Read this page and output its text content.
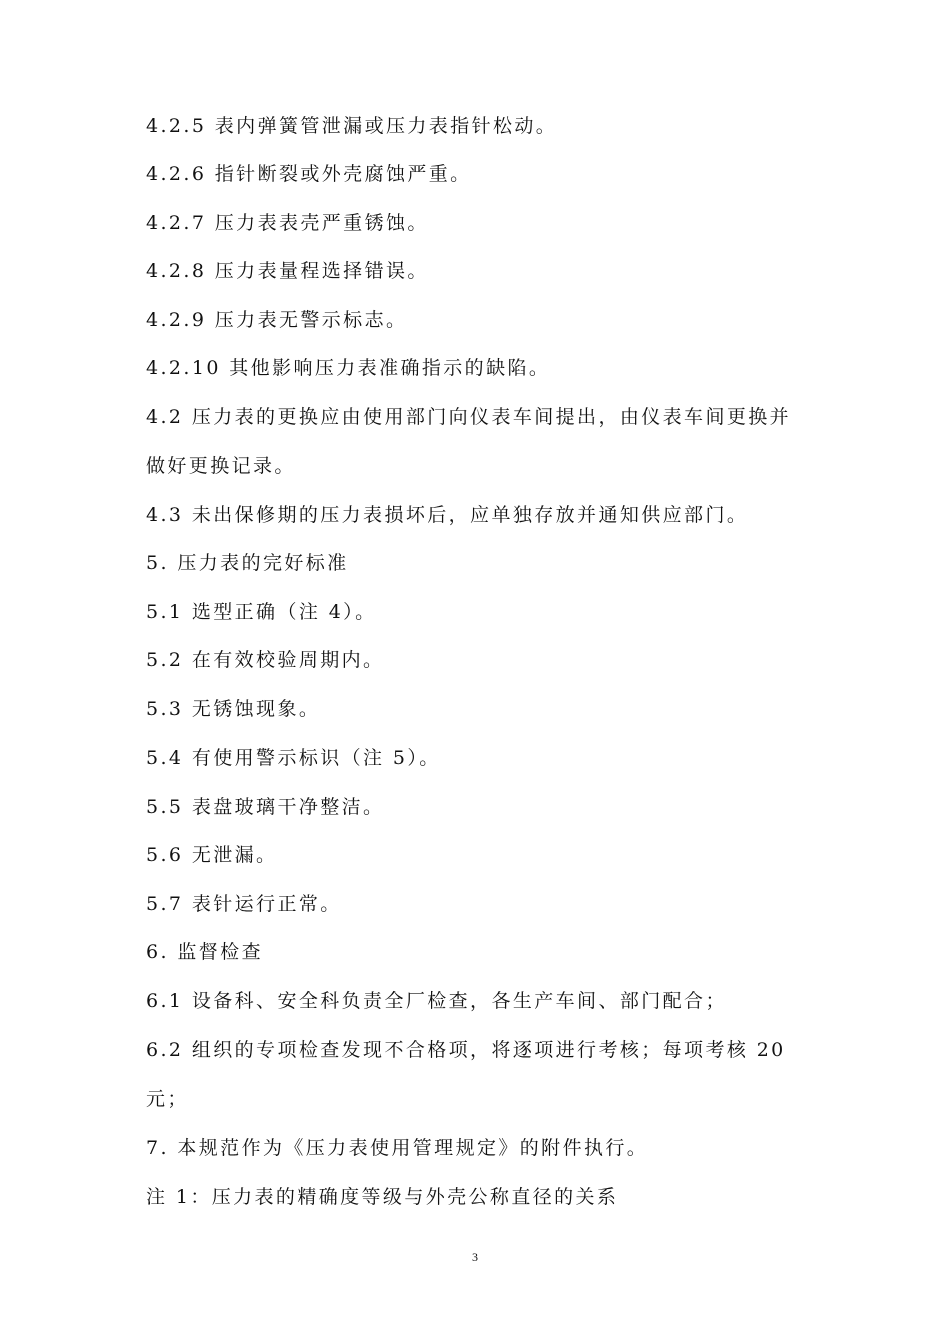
4.2.5 表内弹簧管泄漏或压力表指针松动。
4.2.6 指针断裂或外壳腐蚀严重。
4.2.7 压力表表壳严重锈蚀。
4.2.8 压力表量程选择错误。
4.2.9 压力表无警示标志。
4.2.10 其他影响压力表准确指示的缺陷。
4.2 压力表的更换应由使用部门向仪表车间提出，由仪表车间更换并
做好更换记录。
4.3 未出保修期的压力表损坏后，应单独存放并通知供应部门。
5. 压力表的完好标准
5.1 选型正确（注 4）。
5.2 在有效校验周期内。
5.3 无锈蚀现象。
5.4 有使用警示标识（注 5）。
5.5 表盘玻璃干净整洁。
5.6 无泄漏。
5.7 表针运行正常。
6. 监督检查
6.1 设备科、安全科负责全厂检查，各生产车间、部门配合；
6.2 组织的专项检查发现不合格项，将逐项进行考核；每项考核 20
元；
7. 本规范作为《压力表使用管理规定》的附件执行。
注 1：压力表的精确度等级与外壳公称直径的关系
3
